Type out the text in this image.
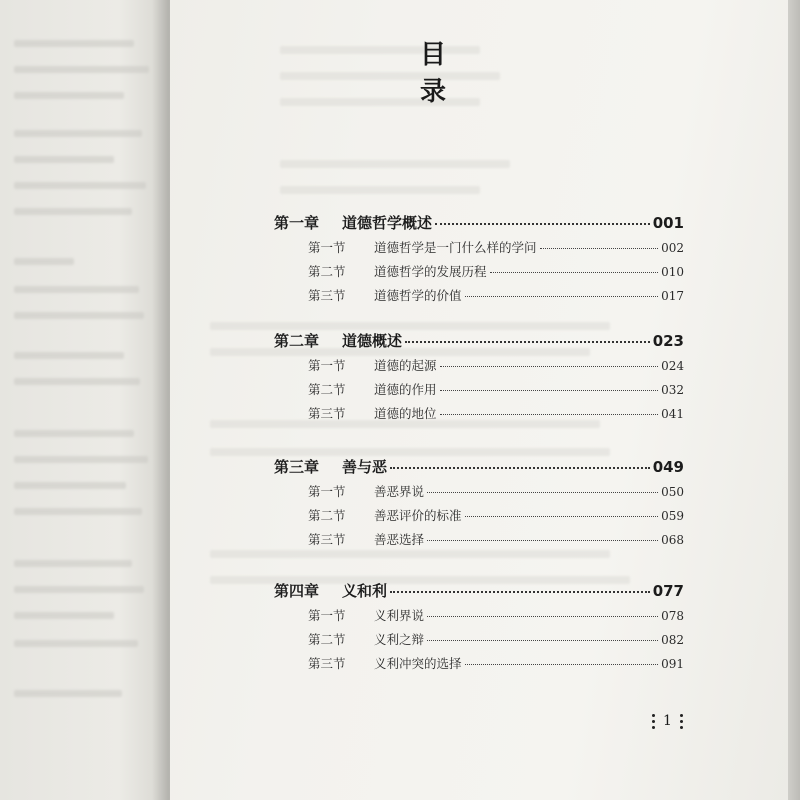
目 录
第一章	道德哲学概述	001
第一节	道德哲学是一门什么样的学问	002
第二节	道德哲学的发展历程	010
第三节	道德哲学的价值	017
第二章	道德概述	023
第一节	道德的起源	024
第二节	道德的作用	032
第三节	道德的地位	041
第三章	善与恶	049
第一节	善恶界说	050
第二节	善恶评价的标准	059
第三节	善恶选择	068
第四章	义和利	077
第一节	义利界说	078
第二节	义利之辩	082
第三节	义利冲突的选择	091
1
